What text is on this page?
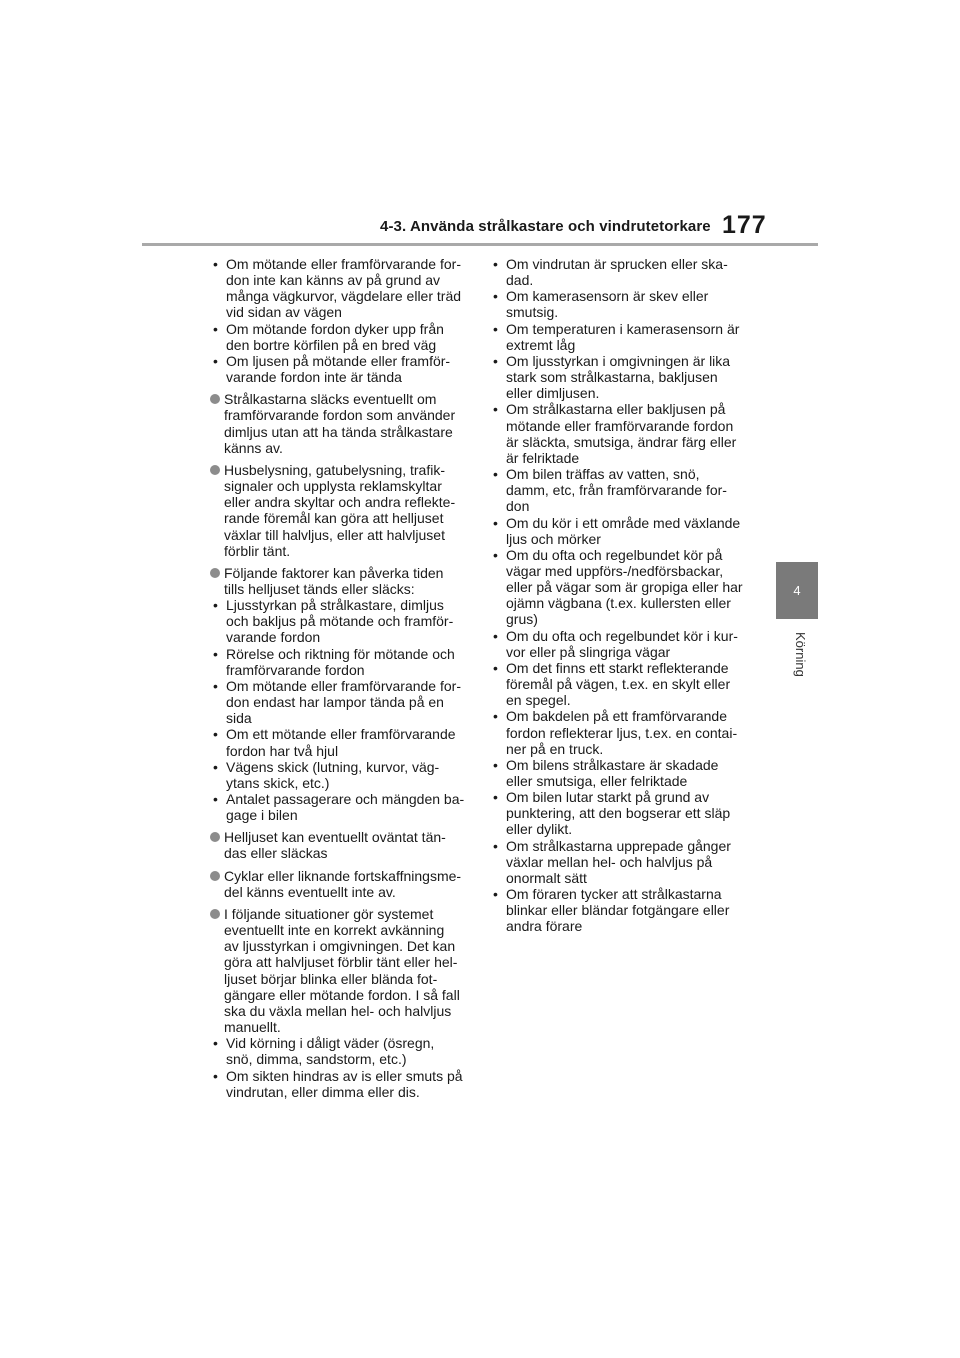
4-3. Använda strålkastare och vindrutetorkare 177
4
Körning

• Om mötande eller framförvarande for-
don inte kan känns av på grund av
många vägkurvor, vägdelare eller träd
vid sidan av vägen

• Om mötande fordon dyker upp från
den bortre körfilen på en bred väg

• Om ljusen på mötande eller framför-
varande fordon inte är tända

Strålkastarna släcks eventuellt om
framförvarande fordon som använder
dimljus utan att ha tända strålkastare
känns av.

Husbelysning, gatubelysning, trafik-
signaler och upplysta reklamskyltar
eller andra skyltar och andra reflekte-
rande föremål kan göra att helljuset
växlar till halvljus, eller att halvljuset
förblir tänt.

Följande faktorer kan påverka tiden
tills helljuset tänds eller släcks:

• Ljusstyrkan på strålkastare, dimljus
och bakljus på mötande och framför-
varande fordon

• Rörelse och riktning för mötande och
framförvarande fordon

• Om mötande eller framförvarande for-
don endast har lampor tända på en
sida

• Om ett mötande eller framförvarande
fordon har två hjul

• Vägens skick (lutning, kurvor, väg-
ytans skick, etc.)

• Antalet passagerare och mängden ba-
gage i bilen

Helljuset kan eventuellt oväntat tän-
das eller släckas

Cyklar eller liknande fortskaffningsme-
del känns eventuellt inte av.

I följande situationer gör systemet
eventuellt inte en korrekt avkänning
av ljusstyrkan i omgivningen. Det kan
göra att halvljuset förblir tänt eller hel-
ljuset börjar blinka eller blända fot-
gängare eller mötande fordon. I så fall
ska du växla mellan hel- och halvljus
manuellt.

• Vid körning i dåligt väder (ösregn,
snö, dimma, sandstorm, etc.)

• Om sikten hindras av is eller smuts på
vindrutan, eller dimma eller dis.

• Om vindrutan är sprucken eller ska-
dad.

• Om kamerasensorn är skev eller
smutsig.

• Om temperaturen i kamerasensorn är
extremt låg

• Om ljusstyrkan i omgivningen är lika
stark som strålkastarna, bakljusen
eller dimljusen.

• Om strålkastarna eller bakljusen på
mötande eller framförvarande fordon
är släckta, smutsiga, ändrar färg eller
är felriktade

• Om bilen träffas av vatten, snö,
damm, etc, från framförvarande for-
don

• Om du kör i ett område med växlande
ljus och mörker

• Om du ofta och regelbundet kör på
vägar med uppförs-/nedförsbackar,
eller på vägar som är gropiga eller har
ojämn vägbana (t.ex. kullersten eller
grus)

• Om du ofta och regelbundet kör i kur-
vor eller på slingriga vägar

• Om det finns ett starkt reflekterande
föremål på vägen, t.ex. en skylt eller
en spegel.

• Om bakdelen på ett framförvarande
fordon reflekterar ljus, t.ex. en contai-
ner på en truck.

• Om bilens strålkastare är skadade
eller smutsiga, eller felriktade

• Om bilen lutar starkt på grund av
punktering, att den bogserar ett släp
eller dylikt.

• Om strålkastarna upprepade gånger
växlar mellan hel- och halvljus på
onormalt sätt

• Om föraren tycker att strålkastarna
blinkar eller bländar fotgängare eller
andra förare
